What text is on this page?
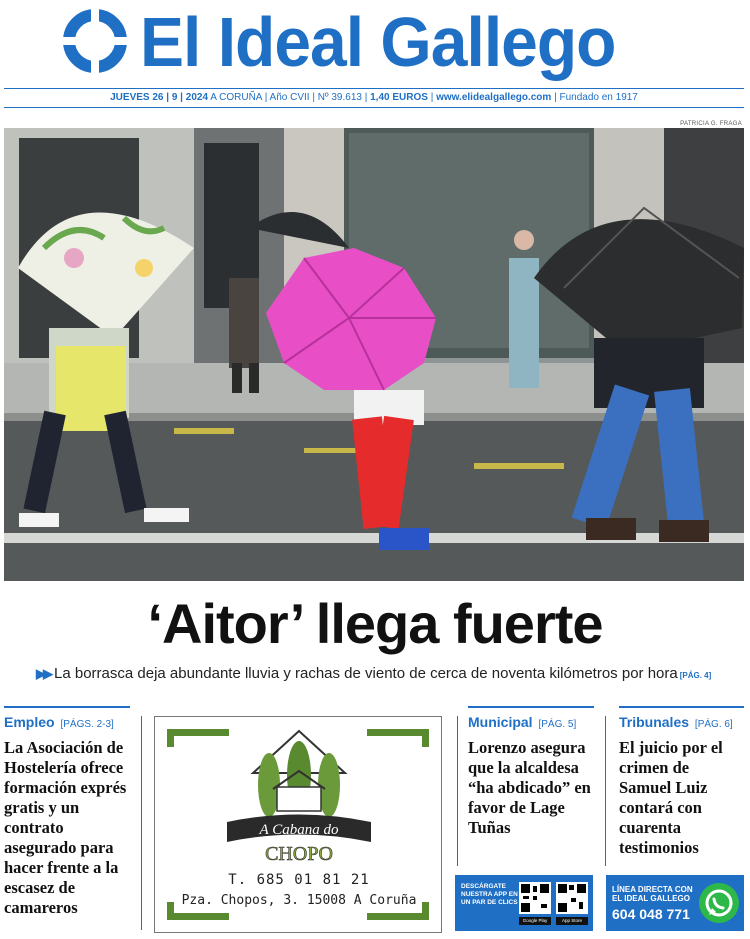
El Ideal Gallego
JUEVES 26 | 9 | 2024 A CORUÑA | Año CVII | Nº 39.613 | 1,40 EUROS | www.elidealgallego.com | Fundado en 1917
PATRICIA G. FRAGA
‘Aitor’ llega fuerte
▶▶ La borrasca deja abundante lluvia y rachas de viento de cerca de noventa kilómetros por hora [PÁG. 4]
Empleo [PÁGS. 2-3]
La Asociación de Hostelería ofrece formación exprés gratis y un contrato asegurado para hacer frente a la escasez de camareros
Municipal [PÁG. 5]
Lorenzo asegura que la alcaldesa “ha abdicado” en favor de Lage Tuñas
Tribunales [PÁG. 6]
El juicio por el crimen de Samuel Luiz contará con cuarenta testimonios
A Cabana do
CHOPO
T. 685 01 81 21
Pza. Chopos, 3. 15008 A Coruña
DESCÁRGATE NUESTRA APP EN UN PAR DE CLICS
Google Play	App Store
LÍNEA DIRECTA CON EL IDEAL GALLEGO
604 048 771
